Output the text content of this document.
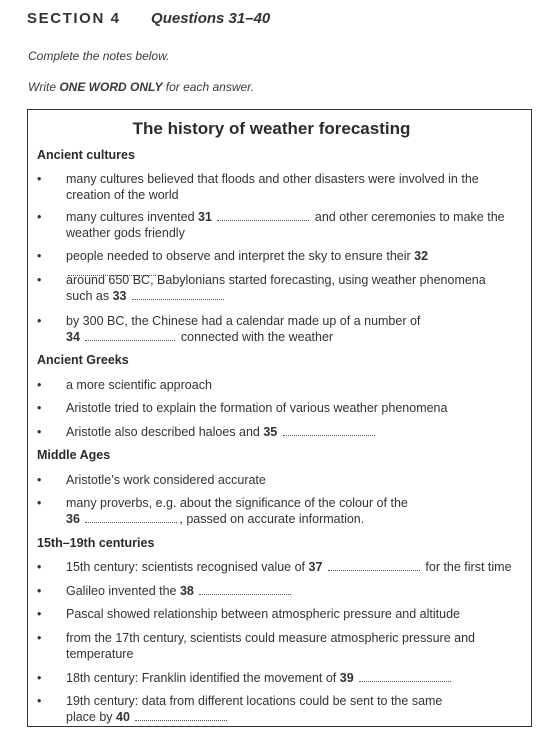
SECTION 4 Questions 31–40
Complete the notes below.
Write ONE WORD ONLY for each answer.
The history of weather forecasting
Ancient cultures
• many cultures believed that floods and other disasters were involved in the
creation of the world
• many cultures invented 31	and other ceremonies to make the
weather gods friendly
• people needed to observe and interpret the sky to ensure their 32
• around 650 BC, Babylonians started forecasting, using weather phenomena
such as 33
• by 300 BC, the Chinese had a calendar made up of a number of
34	connected with the weather
Ancient Greeks
• a more scientific approach
• Aristotle tried to explain the formation of various weather phenomena
• Aristotle also described haloes and 35
Middle Ages
• Aristotle’s work considered accurate
• many proverbs, e.g. about the significance of the colour of the
36	, passed on accurate information.
15th–19th centuries
• 15th century: scientists recognised value of 37	for the first time
• Galileo invented the 38
• Pascal showed relationship between atmospheric pressure and altitude
• from the 17th century, scientists could measure atmospheric pressure and
temperature
• 18th century: Franklin identified the movement of 39
• 19th century: data from different locations could be sent to the same
place by 40
